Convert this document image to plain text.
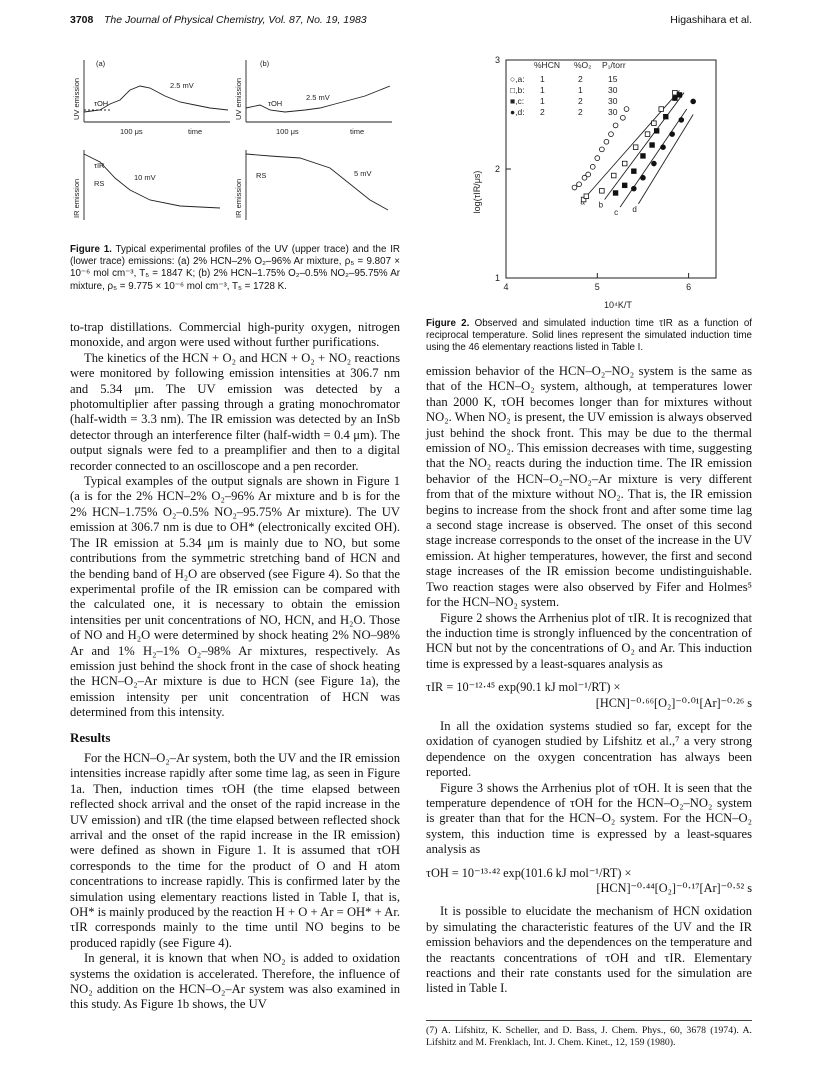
3708 The Journal of Physical Chemistry, Vol. 87, No. 19, 1983	Higashihara et al.
(a)	(b)
τOH	τOH
2.5 mV
2.5 mV
100 μs	time	100 μs	time
τIR
RS
RS
10 mV	5 mV
UV emission	UV emission
IR emission	IR emission
Figure 1. Typical experimental profiles of the UV (upper trace) and the IR (lower trace) emissions: (a) 2% HCN–2% O₂–96% Ar mixture, ρ₅ = 9.807 × 10⁻⁶ mol cm⁻³, T₅ = 1847 K; (b) 2% HCN–1.75% O₂–0.5% NO₂–95.75% Ar mixture, ρ₅ = 9.775 × 10⁻⁶ mol cm⁻³, T₅ = 1728 K.
log(τIR/μs)
10⁴K/T
%HCN %O₂ P₁/torr
○,a: 1	2	15
□,b: 1	1	30
■,c: 1	2	30
●,d: 2	2	30
4	5	6
1
2
3
b
c d
Figure 2. Observed and simulated induction time τIR as a function of reciprocal temperature. Solid lines represent the simulated induction time using the 46 elementary reactions listed in Table I.

to-trap distillations. Commercial high-purity oxygen, nitrogen monoxide, and argon were used without further purifications.

The kinetics of the HCN + O₂ and HCN + O₂ + NO₂ reactions were monitored by following emission intensities at 306.7 nm and 5.34 μm. The UV emission was detected by a photomultiplier after passing through a grating monochromator (half-width = 3.3 nm). The IR emission was detected by an InSb detector through an interference filter (half-width = 0.4 μm). The output signals were fed to a preamplifier and then to a digital recorder connected to an oscilloscope and a pen recorder.

Typical examples of the output signals are shown in Figure 1 (a is for the 2% HCN–2% O₂–96% Ar mixture and b is for the 2% HCN–1.75% O₂–0.5% NO₂–95.75% Ar mixture). The UV emission at 306.7 nm is due to OH* (electronically excited OH). The IR emission at 5.34 μm is mainly due to NO, but some contributions from the symmetric stretching band of HCN and the bending band of H₂O are observed (see Figure 4). So that the experimental profile of the IR emission can be compared with the calculated one, it is necessary to obtain the emission intensities per unit concentrations of NO, HCN, and H₂O. Those of NO and H₂O were determined by shock heating 2% NO–98% Ar and 1% H₂–1% O₂–98% Ar mixtures, respectively. As emission just behind the shock front in the case of shock heating the HCN–O₂–Ar mixture is due to HCN (see Figure 1a), the emission intensity per unit concentration of HCN was determined from this intensity.

Results

For the HCN–O₂–Ar system, both the UV and the IR emission intensities increase rapidly after some time lag, as seen in Figure 1a. Then, induction times τOH (the time elapsed between reflected shock arrival and the onset of the rapid increase in the UV emission) and τIR (the time elapsed between reflected shock arrival and the onset of the rapid increase in the IR emission) were defined as shown in Figure 1. It is assumed that τOH corresponds to the time for the product of O and H atom concentrations to increase rapidly. This is confirmed later by the simulation using elementary reactions listed in Table I, that is, OH* is mainly produced by the reaction H + O + Ar = OH* + Ar. τIR corresponds mainly to the time until NO begins to be produced rapidly (see Figure 4).

In general, it is known that when NO₂ is added to oxidation systems the oxidation is accelerated. Therefore, the influence of NO₂ addition on the HCN–O₂–Ar system was also examined in this study. As Figure 1b shows, the UV

emission behavior of the HCN–O₂–NO₂ system is the same as that of the HCN–O₂ system, although, at temperatures lower than 2000 K, τOH becomes longer than for mixtures without NO₂. When NO₂ is present, the UV emission is always observed just behind the shock front. This may be due to the thermal emission of NO₂. This emission decreases with time, suggesting that the NO₂ reacts during the induction time. The IR emission behavior of the HCN–O₂–NO₂–Ar mixture is very different from that of the mixture without NO₂. That is, the IR emission begins to increase from the shock front and after some time lag a second stage increase is observed. The onset of this second stage increase corresponds to the onset of the increase in the UV emission. At higher temperatures, however, the first and second stage increases of the IR emission become undistinguishable. Two reaction stages were also observed by Fifer and Holmes⁵ for the HCN–NO₂ system.

Figure 2 shows the Arrhenius plot of τIR. It is recognized that the induction time is strongly influenced by the concentration of HCN but not by the concentrations of O₂ and Ar. This induction time is expressed by a least-squares analysis as

τIR = 10⁻¹²·⁴⁵ exp(90.1 kJ mol⁻¹/RT) ×
[HCN]⁻⁰·⁶⁶[O₂]⁻⁰·⁰¹[Ar]⁻⁰·²⁶ s

In all the oxidation systems studied so far, except for the oxidation of cyanogen studied by Lifshitz et al.,⁷ a very strong dependence on the oxygen concentration has always been reported.

Figure 3 shows the Arrhenius plot of τOH. It is seen that the temperature dependence of τOH for the HCN–O₂–NO₂ system is greater than that for the HCN–O₂ system. For the HCN–O₂ system, this induction time is expressed by a least-squares analysis as

τOH = 10⁻¹³·⁴² exp(101.6 kJ mol⁻¹/RT) ×
[HCN]⁻⁰·⁴⁴[O₂]⁻⁰·¹⁷[Ar]⁻⁰·⁵² s

It is possible to elucidate the mechanism of HCN oxidation by simulating the characteristic features of the UV and the IR emission behaviors and the dependences on the temperature and the reactants concentrations of τOH and τIR. Elementary reactions and their rate constants used for the simulation are listed in Table I.

(7) A. Lifshitz, K. Scheller, and D. Bass, J. Chem. Phys., 60, 3678 (1974). A. Lifshitz and M. Frenklach, Int. J. Chem. Kinet., 12, 159 (1980).
